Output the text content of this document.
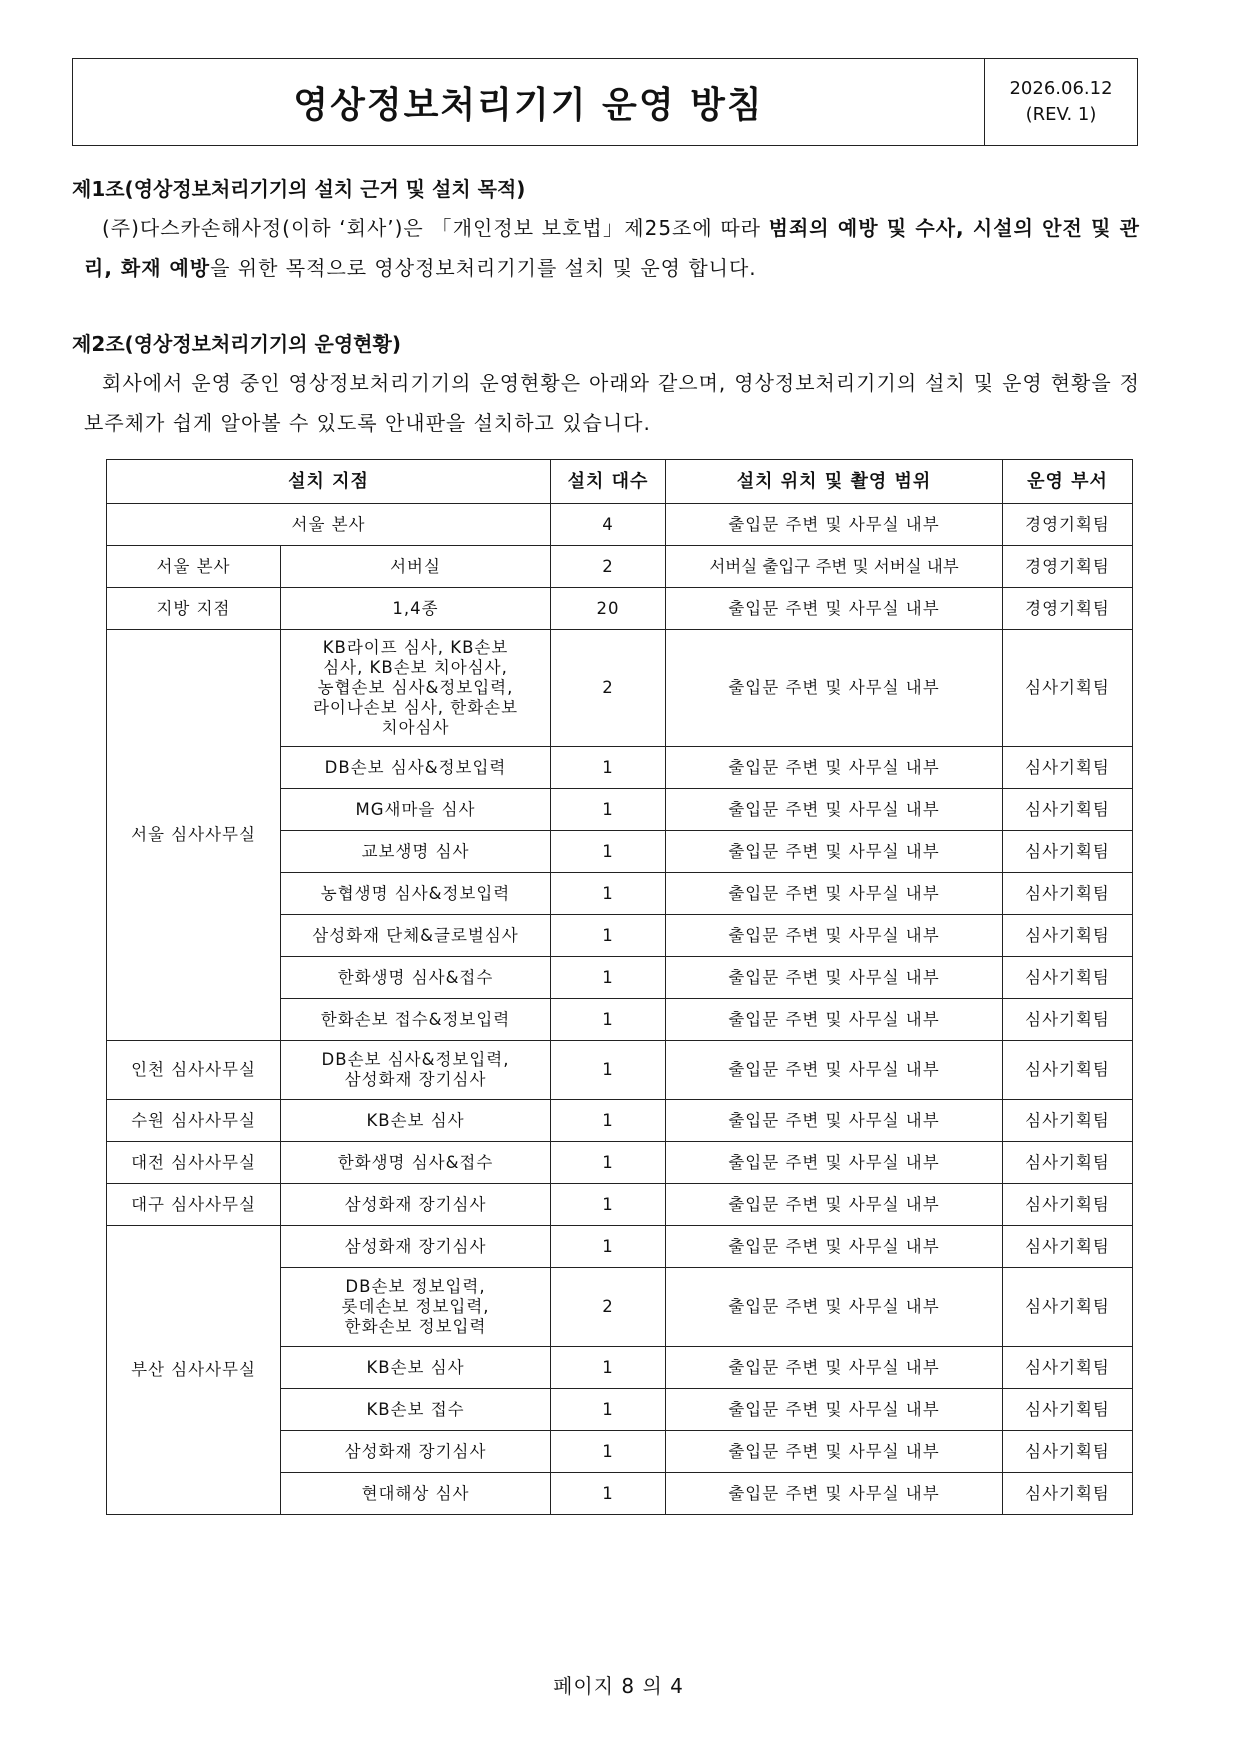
영상정보처리기기 운영 방침	2026.06.12
(REV. 1)
제1조(영상정보처리기기의 설치 근거 및 설치 목적)
(주)다스카손해사정(이하 ‘회사’)은 「개인정보 보호법」제25조에 따라 범죄의 예방 및 수사, 시설의 안전 및 관리, 화재 예방을 위한 목적으로 영상정보처리기기를 설치 및 운영 합니다.
제2조(영상정보처리기기의 운영현황)
회사에서 운영 중인 영상정보처리기기의 운영현황은 아래와 같으며, 영상정보처리기기의 설치 및 운영 현황을 정보주체가 쉽게 알아볼 수 있도록 안내판을 설치하고 있습니다.
설치 지점		설치 대수	설치 위치 및 촬영 범위	운영 부서
서울 본사		4	출입문 주변 및 사무실 내부	경영기획팀
서울 본사	서버실	2	서버실 출입구 주변 및 서버실 내부	경영기획팀
지방 지점	1,4종	20	출입문 주변 및 사무실 내부	경영기획팀
서울 심사사무실	KB라이프 심사, KB손보
심사, KB손보 치아심사,
농협손보 심사&정보입력,
라이나손보 심사, 한화손보
치아심사	2	출입문 주변 및 사무실 내부	심사기획팀
	DB손보 심사&정보입력	1	출입문 주변 및 사무실 내부	심사기획팀
	MG새마을 심사	1	출입문 주변 및 사무실 내부	심사기획팀
	교보생명 심사	1	출입문 주변 및 사무실 내부	심사기획팀
	농협생명 심사&정보입력	1	출입문 주변 및 사무실 내부	심사기획팀
	삼성화재 단체&글로벌심사	1	출입문 주변 및 사무실 내부	심사기획팀
	한화생명 심사&접수	1	출입문 주변 및 사무실 내부	심사기획팀
	한화손보 접수&정보입력	1	출입문 주변 및 사무실 내부	심사기획팀
인천 심사사무실	DB손보 심사&정보입력,
삼성화재 장기심사	1	출입문 주변 및 사무실 내부	심사기획팀
수원 심사사무실	KB손보 심사	1	출입문 주변 및 사무실 내부	심사기획팀
대전 심사사무실	한화생명 심사&접수	1	출입문 주변 및 사무실 내부	심사기획팀
대구 심사사무실	삼성화재 장기심사	1	출입문 주변 및 사무실 내부	심사기획팀
부산 심사사무실	삼성화재 장기심사	1	출입문 주변 및 사무실 내부	심사기획팀
	DB손보 정보입력,
롯데손보 정보입력,
한화손보 정보입력	2	출입문 주변 및 사무실 내부	심사기획팀
	KB손보 심사	1	출입문 주변 및 사무실 내부	심사기획팀
	KB손보 접수	1	출입문 주변 및 사무실 내부	심사기획팀
	삼성화재 장기심사	1	출입문 주변 및 사무실 내부	심사기획팀
	현대해상 심사	1	출입문 주변 및 사무실 내부	심사기획팀
페이지 8 의 4
